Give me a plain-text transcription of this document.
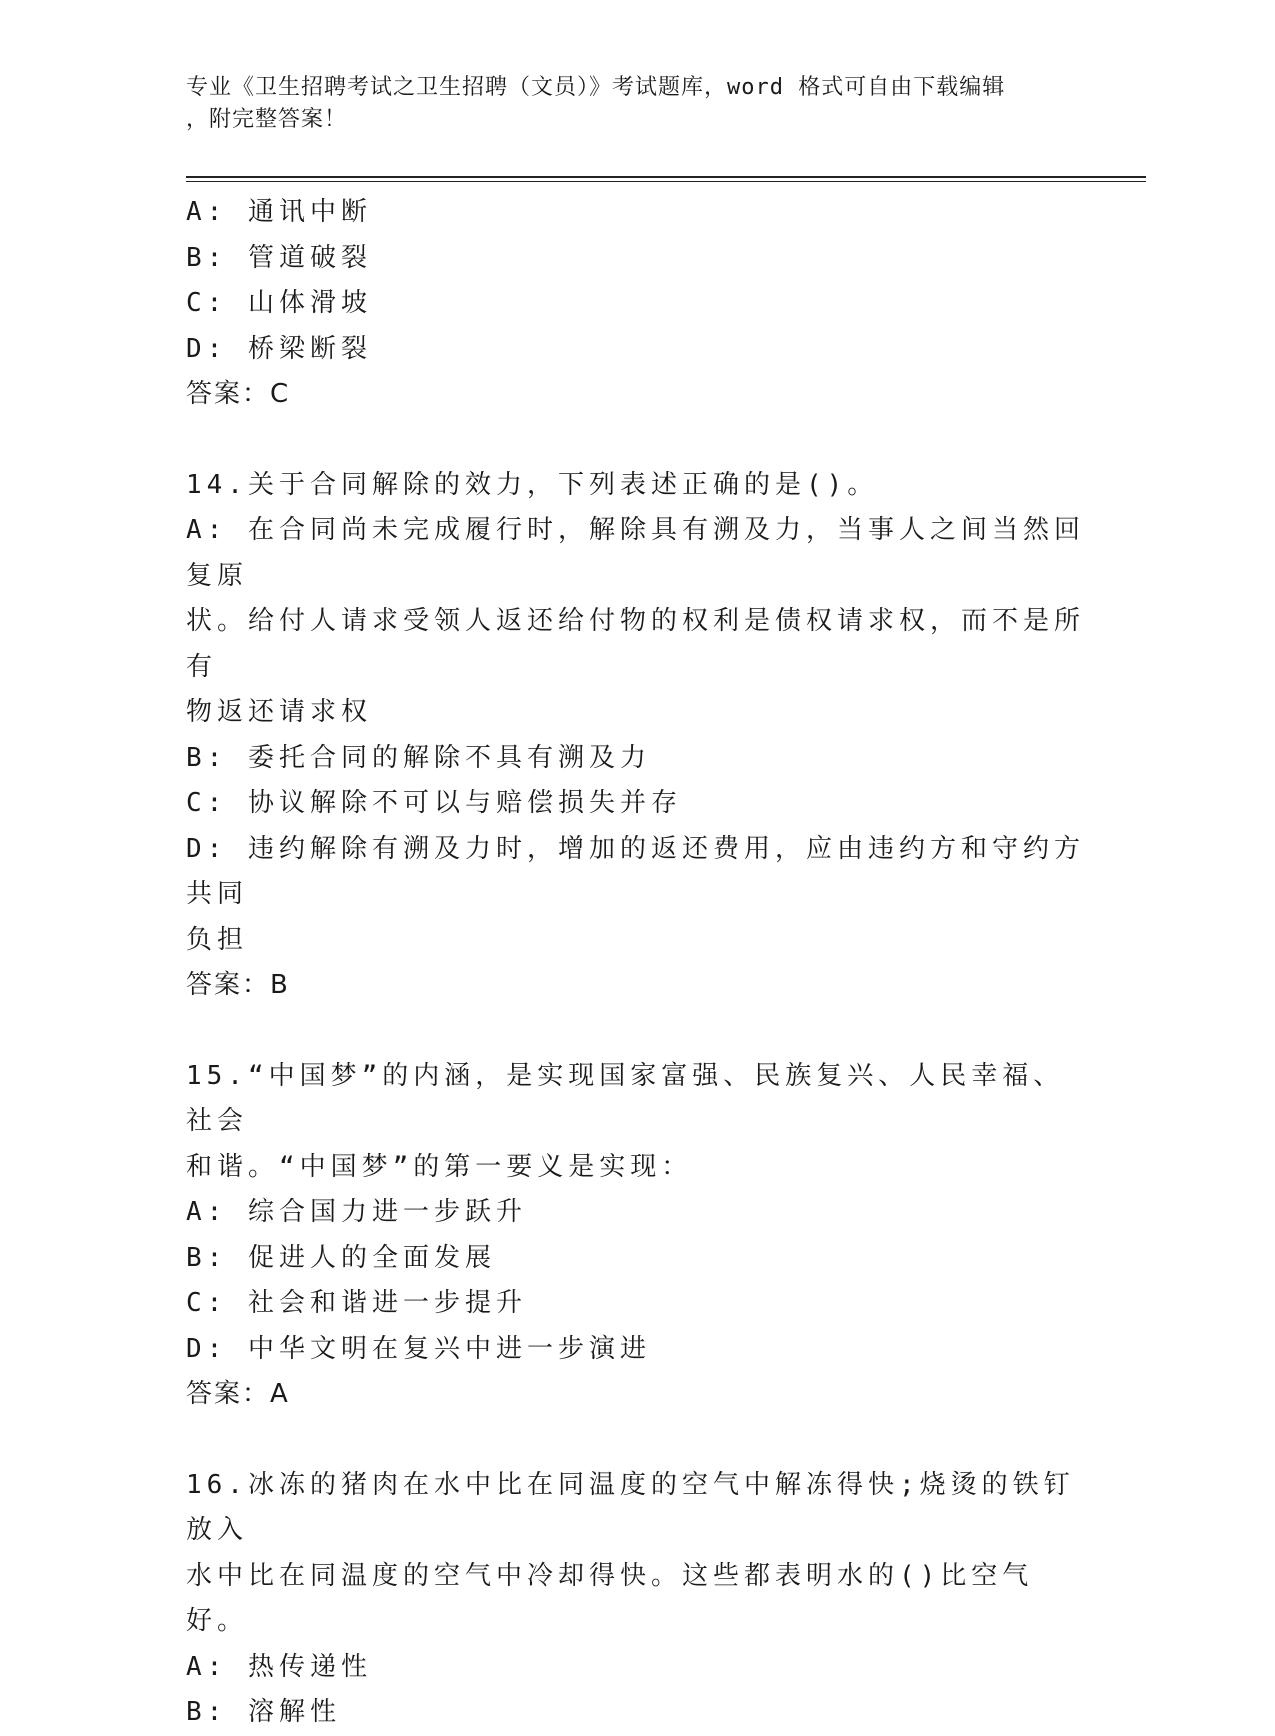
专业《卫生招聘考试之卫生招聘（文员）》考试题库，word 格式可自由下载编辑
，附完整答案！
A: 通讯中断
B: 管道破裂
C: 山体滑坡
D: 桥梁断裂
答案：C
14.关于合同解除的效力，下列表述正确的是()。
A: 在合同尚未完成履行时，解除具有溯及力，当事人之间当然回复原
状。给付人请求受领人返还给付物的权利是债权请求权，而不是所有
物返还请求权
B: 委托合同的解除不具有溯及力
C: 协议解除不可以与赔偿损失并存
D: 违约解除有溯及力时，增加的返还费用，应由违约方和守约方共同
负担
答案：B
15.“中国梦”的内涵，是实现国家富强、民族复兴、人民幸福、社会
和谐。“中国梦”的第一要义是实现：
A: 综合国力进一步跃升
B: 促进人的全面发展
C: 社会和谐进一步提升
D: 中华文明在复兴中进一步演进
答案：A
16.冰冻的猪肉在水中比在同温度的空气中解冻得快;烧烫的铁钉放入
水中比在同温度的空气中冷却得快。这些都表明水的()比空气好。
A: 热传递性
B: 溶解性
